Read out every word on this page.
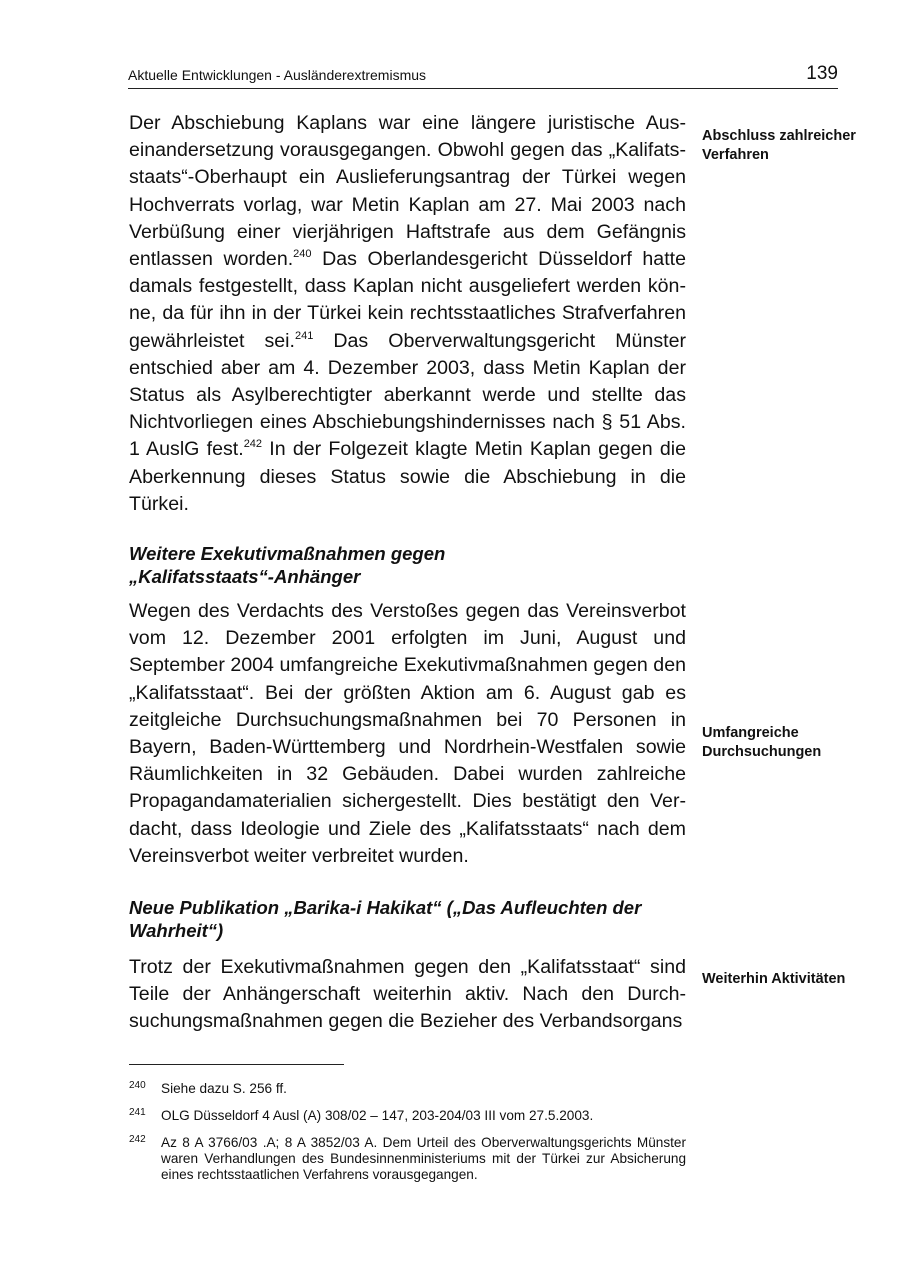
Aktuelle Entwicklungen - Ausländerextremismus	139

Der Abschiebung Kaplans war eine längere juristische Auseinandersetzung vorausgegangen. Obwohl gegen das „Kalifatsstaats“-Oberhaupt ein Auslieferungsantrag der Türkei wegen Hochverrats vorlag, war Metin Kaplan am 27. Mai 2003 nach Verbüßung einer vierjährigen Haftstrafe aus dem Gefängnis entlassen worden.$^{240}$ Das Oberlandesgericht Düsseldorf hatte damals festgestellt, dass Kaplan nicht ausgeliefert werden könne, da für ihn in der Türkei kein rechtsstaatliches Strafverfahren gewährleistet sei.$^{241}$ Das Oberverwaltungsgericht Münster entschied aber am 4. Dezember 2003, dass Metin Kaplan der Status als Asylberechtigter aberkannt werde und stellte das Nichtvorliegen eines Abschiebungshindernisses nach § 51 Abs. 1 AuslG fest.$^{242}$ In der Folgezeit klagte Metin Kaplan gegen die Aberkennung dieses Status sowie die Abschiebung in die Türkei.

Abschluss zahlreicher Verfahren
Weitere Exekutivmaßnahmen gegen
„Kalifatsstaats“-Anhänger

Wegen des Verdachts des Verstoßes gegen das Vereinsverbot vom 12. Dezember 2001 erfolgten im Juni, August und September 2004 umfangreiche Exekutivmaßnahmen gegen den „Kalifatsstaat“. Bei der größten Aktion am 6. August gab es zeitgleiche Durchsuchungsmaßnahmen bei 70 Personen in Bayern, Baden-Württemberg und Nordrhein-Westfalen sowie Räumlichkeiten in 32 Gebäuden. Dabei wurden zahlreiche Propagandamaterialien sichergestellt. Dies bestätigt den Verdacht, dass Ideologie und Ziele des „Kalifatsstaats“ nach dem Vereinsverbot weiter verbreitet wurden.

Umfangreiche Durchsuchungen
Neue Publikation „Barika-i Hakikat“ („Das Aufleuchten der
Wahrheit“)

Trotz der Exekutivmaßnahmen gegen den „Kalifatsstaat“ sind Teile der Anhängerschaft weiterhin aktiv. Nach den Durchsuchungsmaßnahmen gegen die Bezieher des Verbandsorgans

Weiterhin Aktivitäten
240 Siehe dazu S. 256 ff.
241 OLG Düsseldorf 4 Ausl (A) 308/02 – 147, 203-204/03 III vom 27.5.2003.
242 Az 8 A 3766/03 .A; 8 A 3852/03 A. Dem Urteil des Oberverwaltungsgerichts Münster waren Verhandlungen des Bundesinnenministeriums mit der Türkei zur Absicherung eines rechtsstaatlichen Verfahrens vorausgegangen.
